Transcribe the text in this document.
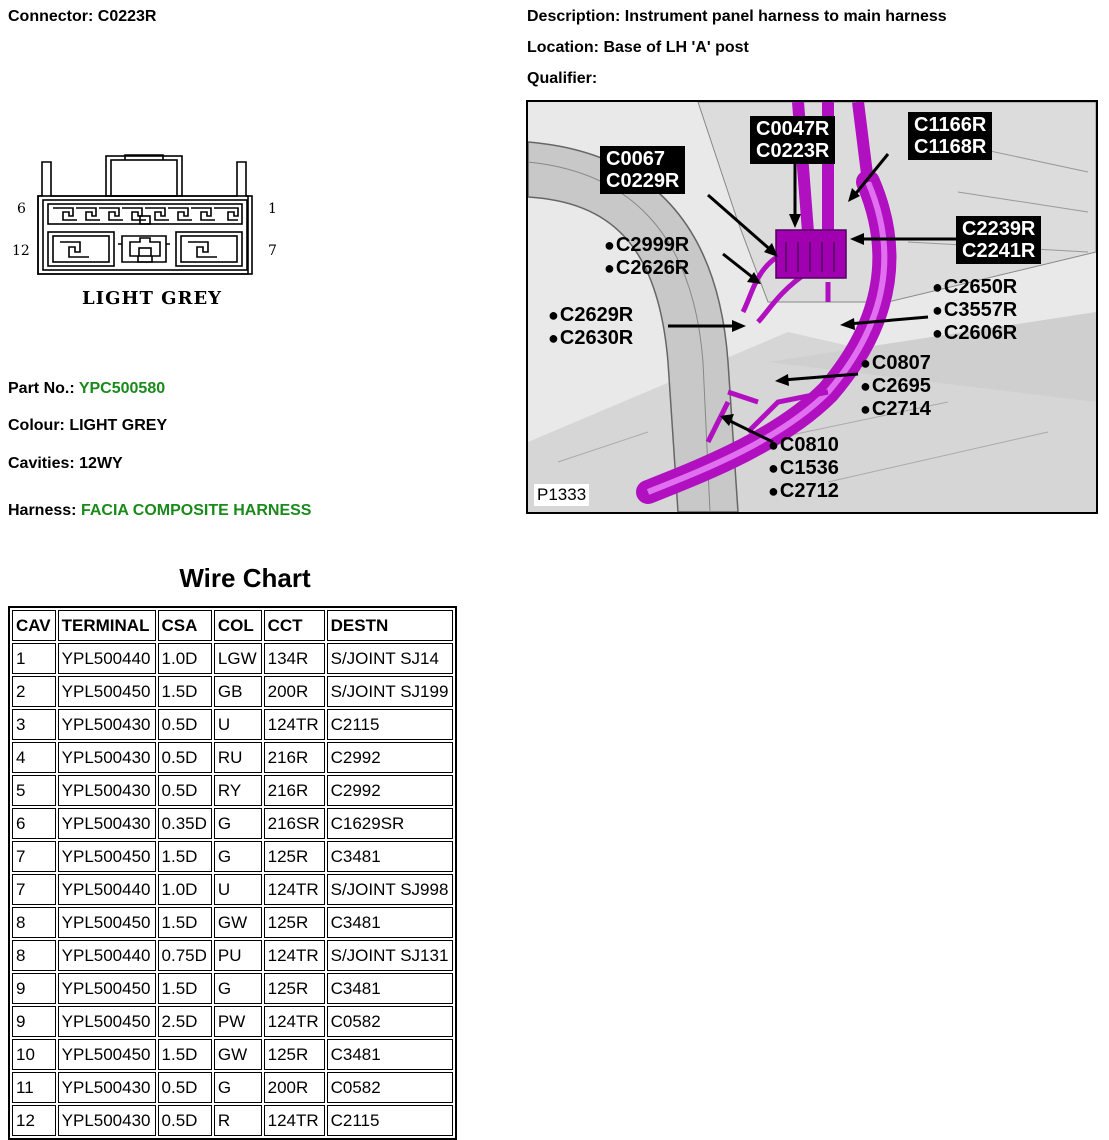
Connector: C0223R	Description: Instrument panel harness to main harness
Location: Base of LH 'A' post
Qualifier:
6	1
12	7
LIGHT GREY
Part No.: YPC500580
Colour: LIGHT GREY
Cavities: 12WY
Harness: FACIA COMPOSITE HARNESS
C0067
C0229R
C0047R
C0223R
C1166R
C1168R
C2239R
C2241R
● C2999R
● C2626R
● C2650R
● C3557R
● C2606R
● C2629R
● C2630R
● C0807
● C2695
● C2714
● C0810
● C1536
● C2712
P1333
Wire Chart
CAV	TERMINAL	CSA	COL	CCT	DESTN
1	YPL500440	1.0D	LGW	134R	S/JOINT SJ14
2	YPL500450	1.5D	GB	200R	S/JOINT SJ199
3	YPL500430	0.5D	U	124TR	C2115
4	YPL500430	0.5D	RU	216R	C2992
5	YPL500430	0.5D	RY	216R	C2992
6	YPL500430	0.35D	G	216SR	C1629SR
7	YPL500450	1.5D	G	125R	C3481
7	YPL500440	1.0D	U	124TR	S/JOINT SJ998
8	YPL500450	1.5D	GW	125R	C3481
8	YPL500440	0.75D	PU	124TR	S/JOINT SJ131
9	YPL500450	1.5D	G	125R	C3481
9	YPL500450	2.5D	PW	124TR	C0582
10	YPL500450	1.5D	GW	125R	C3481
11	YPL500430	0.5D	G	200R	C0582
12	YPL500430	0.5D	R	124TR	C2115
